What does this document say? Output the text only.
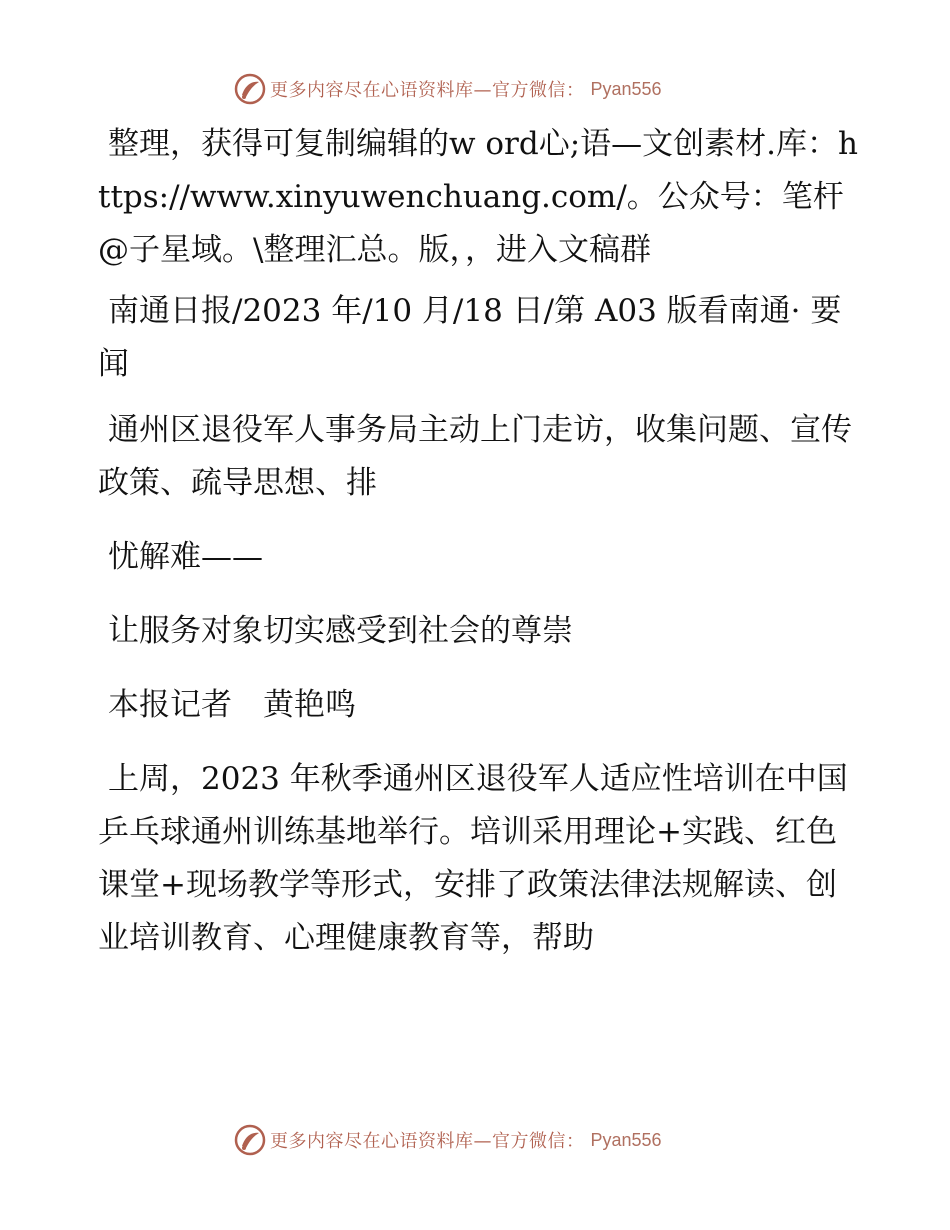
更多内容尽在心语资料库—官方微信： Pyan556

整理，获得可复制编辑的w ord心;语—文创素材.库：https://www.xinyuwenchuang.com/。公众号：笔杆@子星域。\整理汇总。版，，进入文稿群

南通日报/2023 年/10 月/18 日/第 A03 版看南通· 要闻

通州区退役军人事务局主动上门走访，收集问题、宣传政策、疏导思想、排

忧解难——

让服务对象切实感受到社会的尊崇

本报记者　黄艳鸣

上周，2023 年秋季通州区退役军人适应性培训在中国乒乓球通州训练基地举行。培训采用理论+实践、红色课堂+现场教学等形式，安排了政策法律法规解读、创业培训教育、心理健康教育等，帮助

更多内容尽在心语资料库—官方微信： Pyan556
